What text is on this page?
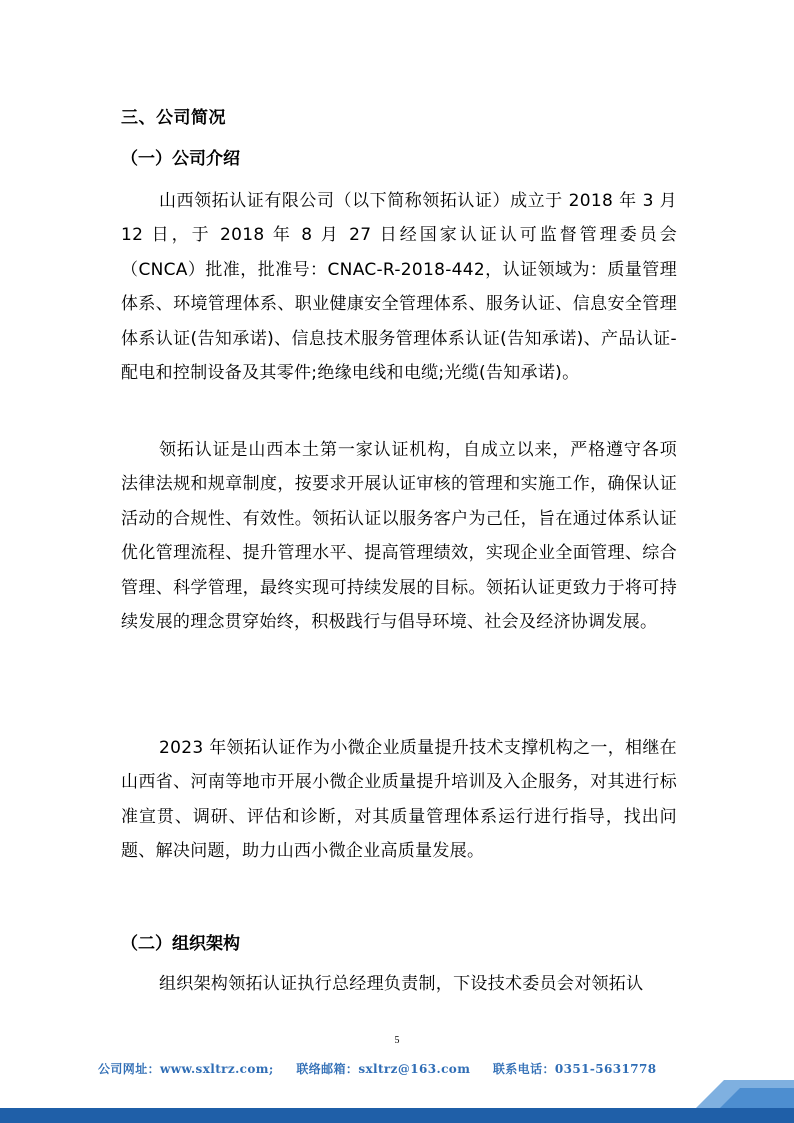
三、公司简况
（一）公司介绍
山西领拓认证有限公司（以下简称领拓认证）成立于 2018 年 3 月 12 日，于 2018 年 8 月 27 日经国家认证认可监督管理委员会（CNCA）批准，批准号：CNAC-R-2018-442，认证领域为：质量管理体系、环境管理体系、职业健康安全管理体系、服务认证、信息安全管理体系认证(告知承诺)、信息技术服务管理体系认证(告知承诺)、产品认证-配电和控制设备及其零件;绝缘电线和电缆;光缆(告知承诺)。
领拓认证是山西本土第一家认证机构，自成立以来，严格遵守各项法律法规和规章制度，按要求开展认证审核的管理和实施工作，确保认证活动的合规性、有效性。领拓认证以服务客户为己任，旨在通过体系认证优化管理流程、提升管理水平、提高管理绩效，实现企业全面管理、综合管理、科学管理，最终实现可持续发展的目标。领拓认证更致力于将可持续发展的理念贯穿始终，积极践行与倡导环境、社会及经济协调发展。
2023 年领拓认证作为小微企业质量提升技术支撑机构之一，相继在山西省、河南等地市开展小微企业质量提升培训及入企服务，对其进行标准宣贯、调研、评估和诊断，对其质量管理体系运行进行指导，找出问题、解决问题，助力山西小微企业高质量发展。
（二）组织架构
组织架构领拓认证执行总经理负责制，下设技术委员会对领拓认
5
公司网址：www.sxltrz.com; 联络邮箱：sxltrz@163.com 联系电话：0351-5631778
